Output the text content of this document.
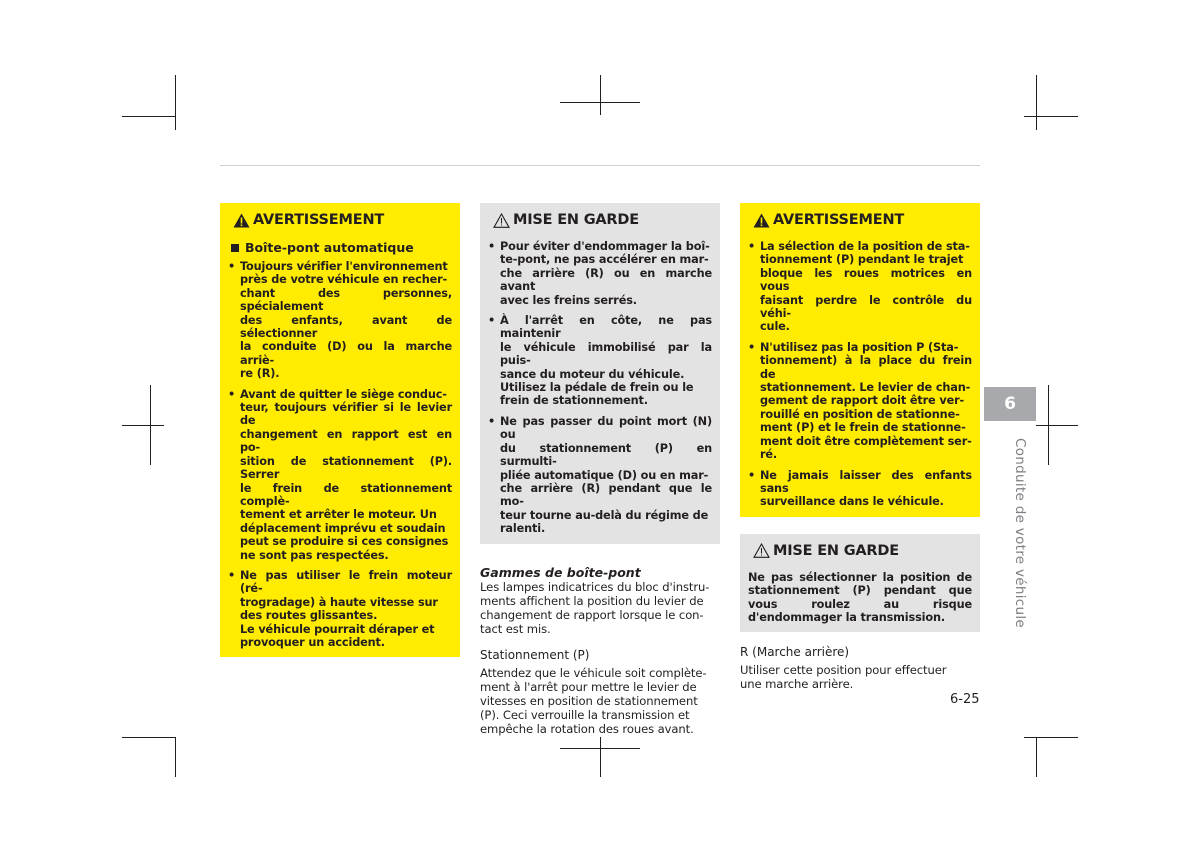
AVERTISSEMENT
Boîte-pont automatique
• Toujours vérifier l'environnement
près de votre véhicule en recher-
chant des personnes, spécialement
des enfants, avant de sélectionner
la conduite (D) ou la marche arriè-
re (R).
• Avant de quitter le siège conduc-
teur, toujours vérifier si le levier de
changement en rapport est en po-
sition de stationnement (P). Serrer
le frein de stationnement complè-
tement et arrêter le moteur. Un
déplacement imprévu et soudain
peut se produire si ces consignes
ne sont pas respectées.
• Ne pas utiliser le frein moteur (ré-
trogradage) à haute vitesse sur
des routes glissantes.
Le véhicule pourrait déraper et
provoquer un accident.
MISE EN GARDE
• Pour éviter d'endommager la boî-
te-pont, ne pas accélérer en mar-
che arrière (R) ou en marche avant
avec les freins serrés.
• À l'arrêt en côte, ne pas maintenir
le véhicule immobilisé par la puis-
sance du moteur du véhicule.
Utilisez la pédale de frein ou le
frein de stationnement.
• Ne pas passer du point mort (N) ou
du stationnement (P) en surmulti-
pliée automatique (D) ou en mar-
che arrière (R) pendant que le mo-
teur tourne au-delà du régime de
ralenti.

Gammes de boîte-pont

Les lampes indicatrices du bloc d'instru-
ments affichent la position du levier de
changement de rapport lorsque le con-
tact est mis.

Stationnement (P)

Attendez que le véhicule soit complète-
ment à l'arrêt pour mettre le levier de
vitesses en position de stationnement
(P). Ceci verrouille la transmission et
empêche la rotation des roues avant.

AVERTISSEMENT
• La sélection de la position de sta-
tionnement (P) pendant le trajet
bloque les roues motrices en vous
faisant perdre le contrôle du véhi-
cule.
• N'utilisez pas la position P (Sta-
tionnement) à la place du frein de
stationnement. Le levier de chan-
gement de rapport doit être ver-
rouillé en position de stationne-
ment (P) et le frein de stationne-
ment doit être complètement ser-
ré.
• Ne jamais laisser des enfants sans
surveillance dans le véhicule.
MISE EN GARDE

Ne pas sélectionner la position de stationnement (P) pendant que vous roulez au risque d'endommager la transmission.

R (Marche arrière)

Utiliser cette position pour effectuer
une marche arrière.

6
Conduite de votre véhicule
6-25
